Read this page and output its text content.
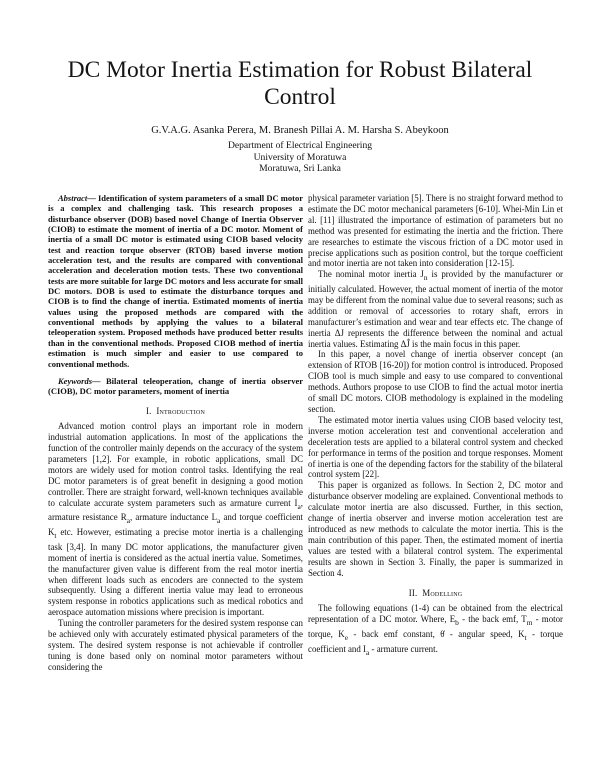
DC Motor Inertia Estimation for Robust Bilateral Control
G.V.A.G. Asanka Perera, M. Branesh Pillai A. M. Harsha S. Abeykoon
Department of Electrical Engineering
University of Moratuwa
Moratuwa, Sri Lanka

Abstract— Identification of system parameters of a small DC motor is a complex and challenging task. This research proposes a disturbance observer (DOB) based novel Change of Inertia Observer (CIOB) to estimate the moment of inertia of a DC motor. Moment of inertia of a small DC motor is estimated using CIOB based velocity test and reaction torque observer (RTOB) based inverse motion acceleration test, and the results are compared with conventional acceleration and deceleration motion tests. These two conventional tests are more suitable for large DC motors and less accurate for small DC motors. DOB is used to estimate the disturbance torques and CIOB is to find the change of inertia. Estimated moments of inertia values using the proposed methods are compared with the conventional methods by applying the values to a bilateral teleoperation system. Proposed methods have produced better results than in the conventional methods. Proposed CIOB method of inertia estimation is much simpler and easier to use compared to conventional methods.

Keywords— Bilateral teleoperation, change of inertia observer (CIOB), DC motor parameters, moment of inertia

I. Introduction

Advanced motion control plays an important role in modern industrial automation applications. In most of the applications the function of the controller mainly depends on the accuracy of the system parameters [1,2]. For example, in robotic applications, small DC motors are widely used for motion control tasks. Identifying the real DC motor parameters is of great benefit in designing a good motion controller. There are straight forward, well-known techniques available to calculate accurate system parameters such as armature current $I_a$, armature resistance $R_a$, armature inductance $L_a$ and torque coefficient $K_t$ etc. However, estimating a precise motor inertia is a challenging task [3,4]. In many DC motor applications, the manufacturer given moment of inertia is considered as the actual inertia value. Sometimes, the manufacturer given value is different from the real motor inertia when different loads such as encoders are connected to the system subsequently. Using a different inertia value may lead to erroneous system response in robotics applications such as medical robotics and aerospace automation missions where precision is important.

Tuning the controller parameters for the desired system response can be achieved only with accurately estimated physical parameters of the system. The desired system response is not achievable if controller tuning is done based only on nominal motor parameters without considering the

physical parameter variation [5]. There is no straight forward method to estimate the DC motor mechanical parameters [6-10]. Whei-Min Lin et al. [11] illustrated the importance of estimation of parameters but no method was presented for estimating the inertia and the friction. There are researches to estimate the viscous friction of a DC motor used in precise applications such as position control, but the torque coefficient and motor inertia are not taken into consideration [12-15].

The nominal motor inertia $J_n$ is provided by the manufacturer or initially calculated. However, the actual moment of inertia of the motor may be different from the nominal value due to several reasons; such as addition or removal of accessories to rotary shaft, errors in manufacturer’s estimation and wear and tear effects etc. The change of inertia ΔJ represents the difference between the nominal and actual inertia values. Estimating ΔĴ is the main focus in this paper.

In this paper, a novel change of inertia observer concept (an extension of RTOB [16-20]) for motion control is introduced. Proposed CIOB tool is much simple and easy to use compared to conventional methods. Authors propose to use CIOB to find the actual motor inertia of small DC motors. CIOB methodology is explained in the modeling section.

The estimated motor inertia values using CIOB based velocity test, inverse motion acceleration test and conventional acceleration and deceleration tests are applied to a bilateral control system and checked for performance in terms of the position and torque responses. Moment of inertia is one of the depending factors for the stability of the bilateral control system [22].

This paper is organized as follows. In Section 2, DC motor and disturbance observer modeling are explained. Conventional methods to calculate motor inertia are also discussed. Further, in this section, change of inertia observer and inverse motion acceleration test are introduced as new methods to calculate the motor inertia. This is the main contribution of this paper. Then, the estimated moment of inertia values are tested with a bilateral control system. The experimental results are shown in Section 3. Finally, the paper is summarized in Section 4.

II. Modelling

The following equations (1-4) can be obtained from the electrical representation of a DC motor. Where, $E_b$ - the back emf, $T_m$ - motor torque, $K_e$ - back emf constant, θ̇ - angular speed, $K_t$ - torque coefficient and $I_a$ - armature current.
